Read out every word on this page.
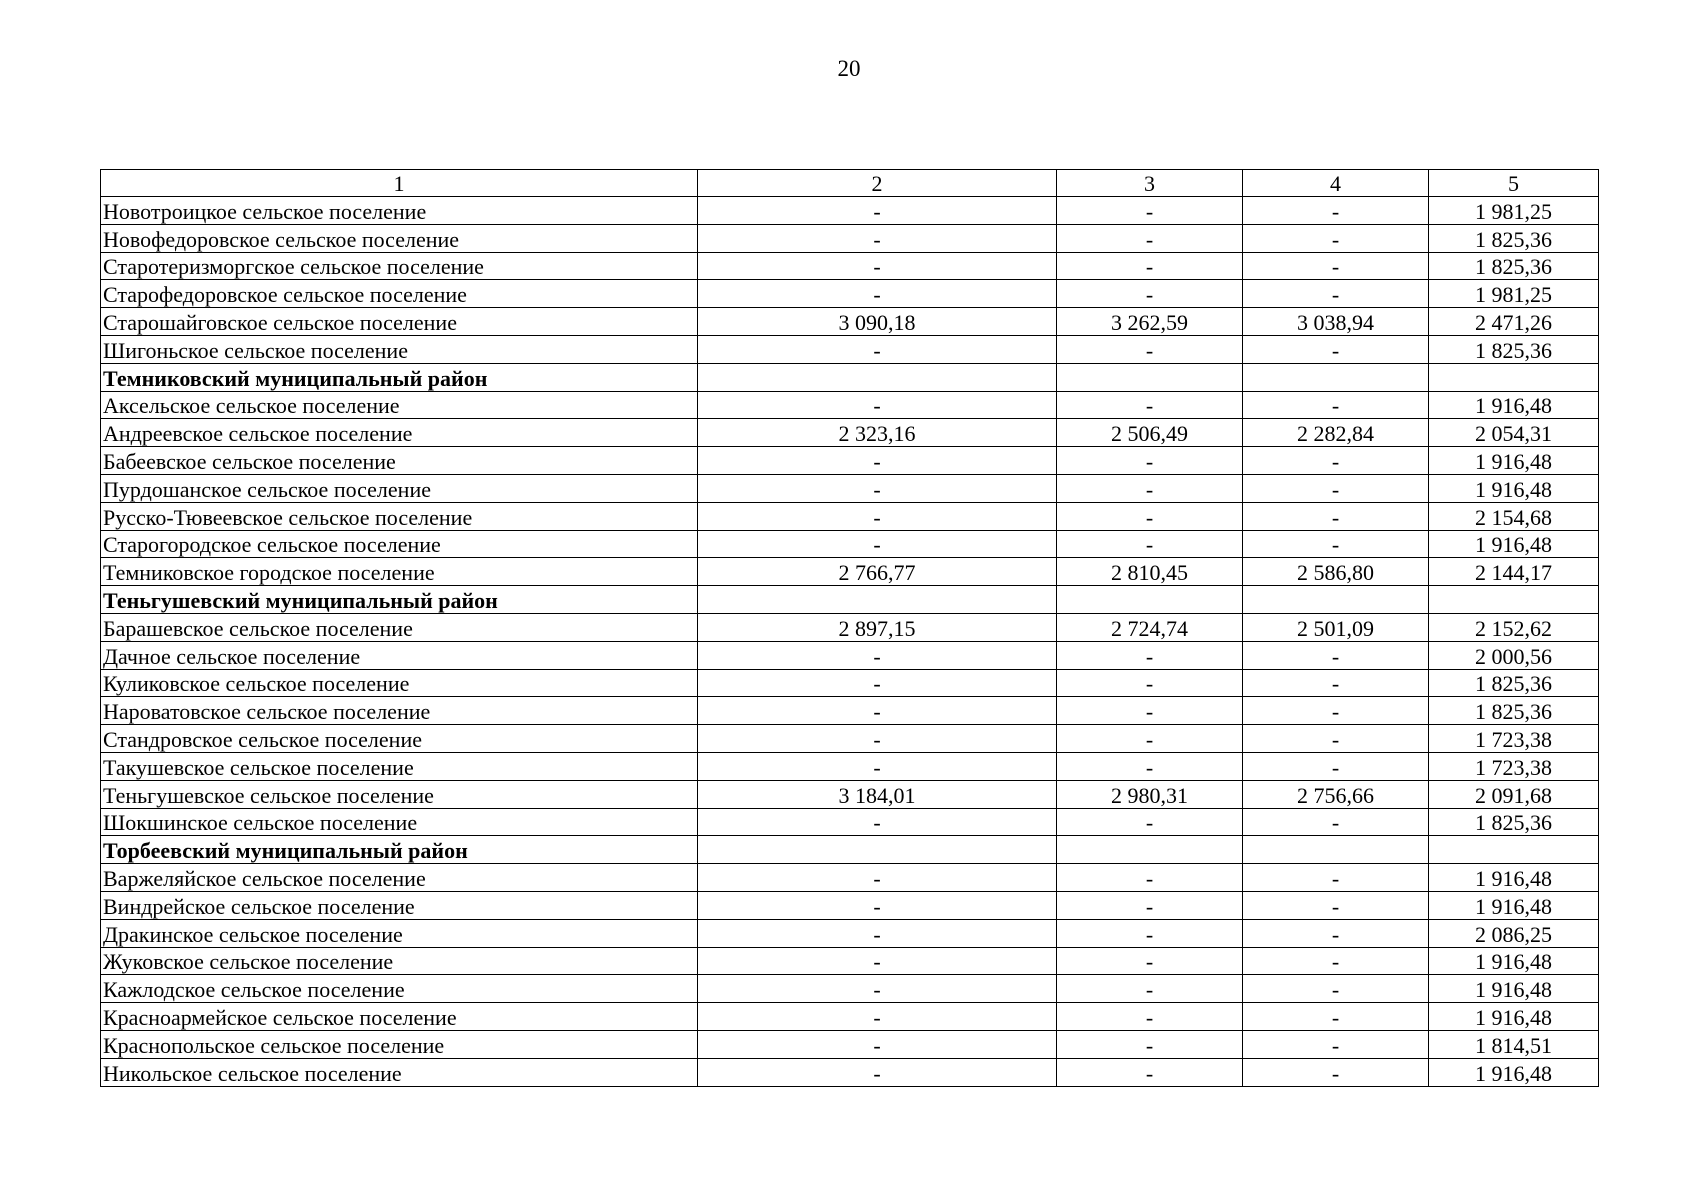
20
1	2	3	4	5
Новотроицкое сельское поселение	-	-	-	1 981,25
Новофедоровское сельское поселение	-	-	-	1 825,36
Старотеризморгское сельское поселение	-	-	-	1 825,36
Старофедоровское сельское поселение	-	-	-	1 981,25
Старошайговское сельское поселение	3 090,18	3 262,59	3 038,94	2 471,26
Шигоньское сельское поселение	-	-	-	1 825,36
Темниковский муниципальный район				
Аксельское сельское поселение	-	-	-	1 916,48
Андреевское сельское поселение	2 323,16	2 506,49	2 282,84	2 054,31
Бабеевское сельское поселение	-	-	-	1 916,48
Пурдошанское сельское поселение	-	-	-	1 916,48
Русско-Тювеевское сельское поселение	-	-	-	2 154,68
Старогородское сельское поселение	-	-	-	1 916,48
Темниковское городское поселение	2 766,77	2 810,45	2 586,80	2 144,17
Теньгушевский муниципальный район				
Барашевское сельское поселение	2 897,15	2 724,74	2 501,09	2 152,62
Дачное сельское поселение	-	-	-	2 000,56
Куликовское сельское поселение	-	-	-	1 825,36
Нароватовское сельское поселение	-	-	-	1 825,36
Стандровское сельское поселение	-	-	-	1 723,38
Такушевское сельское поселение	-	-	-	1 723,38
Теньгушевское сельское поселение	3 184,01	2 980,31	2 756,66	2 091,68
Шокшинское сельское поселение	-	-	-	1 825,36
Торбеевский муниципальный район				
Варжеляйское сельское поселение	-	-	-	1 916,48
Виндрейское сельское поселение	-	-	-	1 916,48
Дракинское сельское поселение	-	-	-	2 086,25
Жуковское сельское поселение	-	-	-	1 916,48
Кажлодское сельское поселение	-	-	-	1 916,48
Красноармейское сельское поселение	-	-	-	1 916,48
Краснопольское сельское поселение	-	-	-	1 814,51
Никольское сельское поселение	-	-	-	1 916,48
